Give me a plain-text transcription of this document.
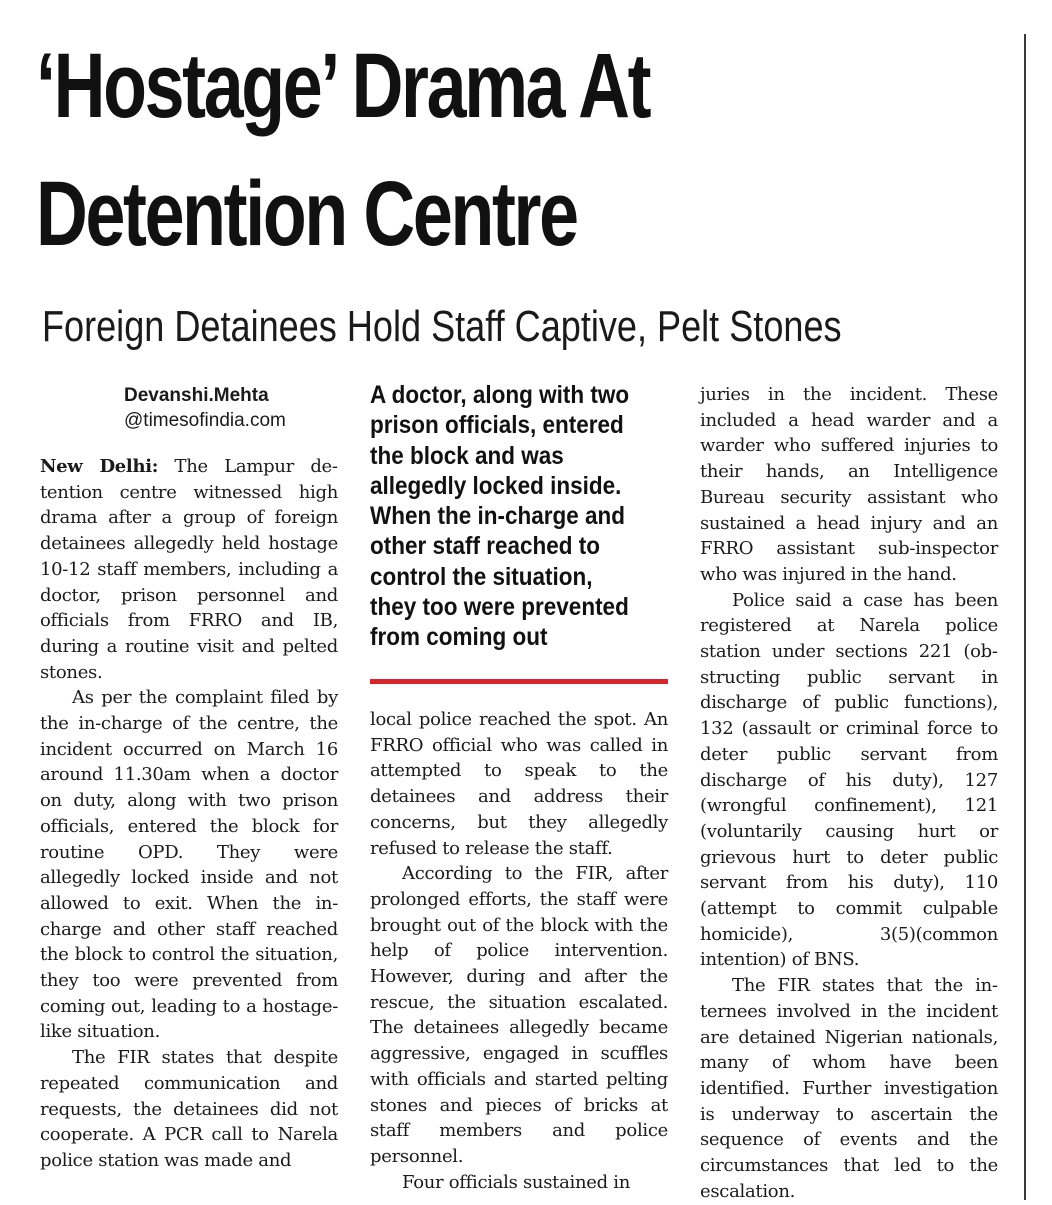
‘Hostage’ Drama At
Detention Centre
Foreign Detainees Hold Staff Captive, Pelt Stones
Devanshi.Mehta
@timesofindia.com

New Delhi: The Lampur detention centre witnessed high drama after a group of foreign detainees allegedly held hostage 10-12 staff members, including a doctor, prison personnel and officials from FRRO and IB, during a routine visit and pelted stones.

As per the complaint filed by the in-charge of the centre, the incident occurred on March 16 around 11.30am when a doctor on duty, along with two prison officials, entered the block for routine OPD. They were allegedly locked inside and not allowed to exit. When the in-charge and other staff reached the block to control the situation, they too were prevented from coming out, leading to a hostage-like situation.

The FIR states that despite repeated communication and requests, the detainees did not cooperate. A PCR call to Narela police station was made and

A doctor, along with two prison officials, entered the block and was allegedly locked inside. When the in-charge and other staff reached to control the situation, they too were prevented from coming out

local police reached the spot. An FRRO official who was called in attempted to speak to the detainees and address their concerns, but they allegedly refused to release the staff.

According to the FIR, after prolonged efforts, the staff were brought out of the block with the help of police intervention. However, during and after the rescue, the situation escalated. The detainees allegedly became aggressive, engaged in scuffles with officials and started pelting stones and pieces of bricks at staff members and police personnel.

Four officials sustained in

juries in the incident. These included a head warder and a warder who suffered injuries to their hands, an Intelligence Bureau security assistant who sustained a head injury and an FRRO assistant sub-inspector who was injured in the hand.

Police said a case has been registered at Narela police station under sections 221 (obstructing public servant in discharge of public functions), 132 (assault or criminal force to deter public servant from discharge of his duty), 127 (wrongful confinement), 121 (voluntarily causing hurt or grievous hurt to deter public servant from his duty), 110 (attempt to commit culpable homicide), 3(5)(common intention) of BNS.

The FIR states that the internees involved in the incident are detained Nigerian nationals, many of whom have been identified. Further investigation is underway to ascertain the sequence of events and the circumstances that led to the escalation.
